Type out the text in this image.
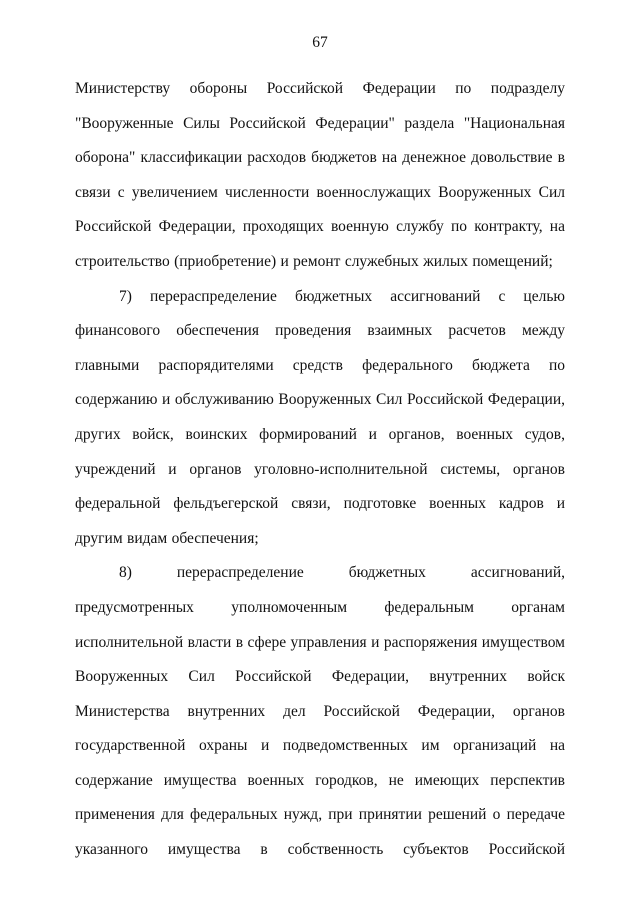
67

Министерству обороны Российской Федерации по подразделу "Вооруженные Силы Российской Федерации" раздела "Национальная оборона" классификации расходов бюджетов на денежное довольствие в связи с увеличением численности военнослужащих Вооруженных Сил Российской Федерации, проходящих военную службу по контракту, на строительство (приобретение) и ремонт служебных жилых помещений;

7) перераспределение бюджетных ассигнований с целью финансового обеспечения проведения взаимных расчетов между главными распорядителями средств федерального бюджета по содержанию и обслуживанию Вооруженных Сил Российской Федерации, других войск, воинских формирований и органов, военных судов, учреждений и органов уголовно-исполнительной системы, органов федеральной фельдъегерской связи, подготовке военных кадров и другим видам обеспечения;

8) перераспределение бюджетных ассигнований, предусмотренных уполномоченным федеральным органам исполнительной власти в сфере управления и распоряжения имуществом Вооруженных Сил Российской Федерации, внутренних войск Министерства внутренних дел Российской Федерации, органов государственной охраны и подведомственных им организаций на содержание имущества военных городков, не имеющих перспектив применения для федеральных нужд, при принятии решений о передаче указанного имущества в собственность субъектов Российской
